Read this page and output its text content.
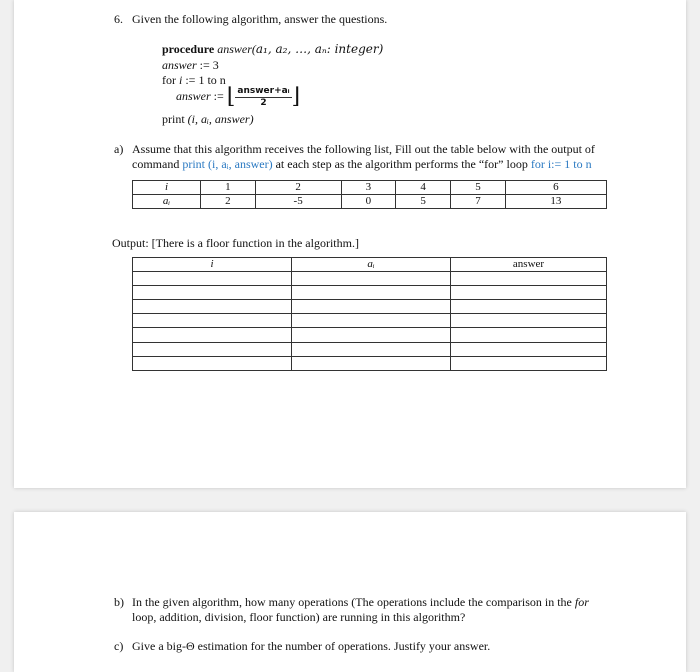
6. Given the following algorithm, answer the questions.
procedure answer(a₁, a₂, …, aₙ: integer)
answer := 3
for i := 1 to n
answer := ⌊ $\frac{\text{answer+aᵢ}}{2}$ ⌋
print (i, aᵢ, answer)
a) Assume that this algorithm receives the following list, Fill out the table below with the output of
command print (i, aᵢ, answer) at each step as the algorithm performs the “for” loop for i:= 1 to n
i	1	2	3	4	5	6
aᵢ	2	-5	0	5	7	13
Output: [There is a floor function in the algorithm.]
i	aᵢ	answer

b) In the given algorithm, how many operations (The operations include the comparison in the for
loop, addition, division, floor function) are running in this algorithm?
c) Give a big-Θ estimation for the number of operations. Justify your answer.
